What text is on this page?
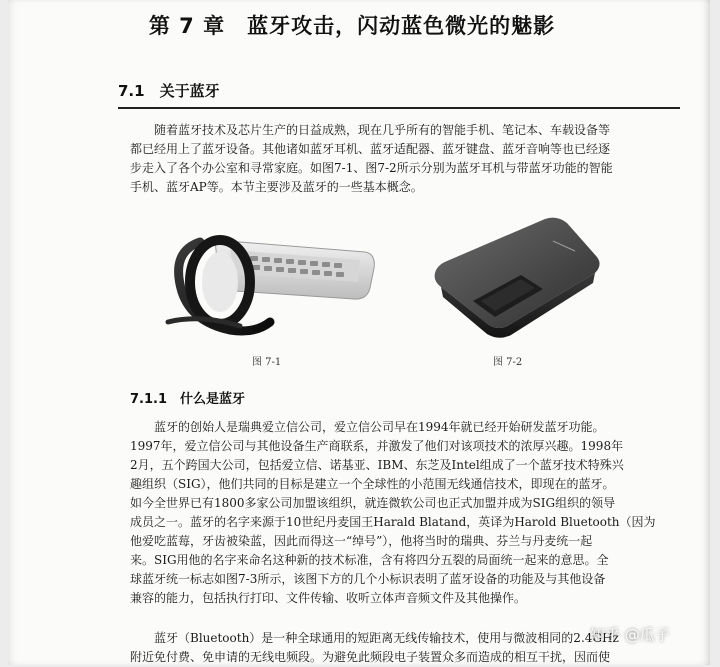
第 7 章　蓝牙攻击，闪动蓝色微光的魅影
7.1　关于蓝牙
随着蓝牙技术及芯片生产的日益成熟，现在几乎所有的智能手机、笔记本、车载设备等
都已经用上了蓝牙设备。其他诸如蓝牙耳机、蓝牙适配器、蓝牙键盘、蓝牙音响等也已经逐
步走入了各个办公室和寻常家庭。如图7-1、图7-2所示分别为蓝牙耳机与带蓝牙功能的智能
手机、蓝牙AP等。本节主要涉及蓝牙的一些基本概念。
图 7-1	图 7-2
7.1.1　什么是蓝牙
蓝牙的创始人是瑞典爱立信公司，爱立信公司早在1994年就已经开始研发蓝牙功能。
1997年，爱立信公司与其他设备生产商联系，并激发了他们对该项技术的浓厚兴趣。1998年
2月，五个跨国大公司，包括爱立信、诺基亚、IBM、东芝及Intel组成了一个蓝牙技术特殊兴
趣组织（SIG），他们共同的目标是建立一个全球性的小范围无线通信技术，即现在的蓝牙。
如今全世界已有1800多家公司加盟该组织，就连微软公司也正式加盟并成为SIG组织的领导
成员之一。蓝牙的名字来源于10世纪丹麦国王Harald Blatand，英译为Harold Bluetooth（因为
他爱吃蓝莓，牙齿被染蓝，因此而得这一“绰号”），他将当时的瑞典、芬兰与丹麦统一起
来。SIG用他的名字来命名这种新的技术标准，含有将四分五裂的局面统一起来的意思。全
球蓝牙统一标志如图7-3所示，该图下方的几个小标识表明了蓝牙设备的功能及与其他设备
兼容的能力，包括执行打印、文件传输、收听立体声音频文件及其他操作。
蓝牙（Bluetooth）是一种全球通用的短距离无线传输技术，使用与微波相同的2.4GHz
附近免付费、免申请的无线电频段。为避免此频段电子装置众多而造成的相互干扰，因而使
知乎 @瓜子
